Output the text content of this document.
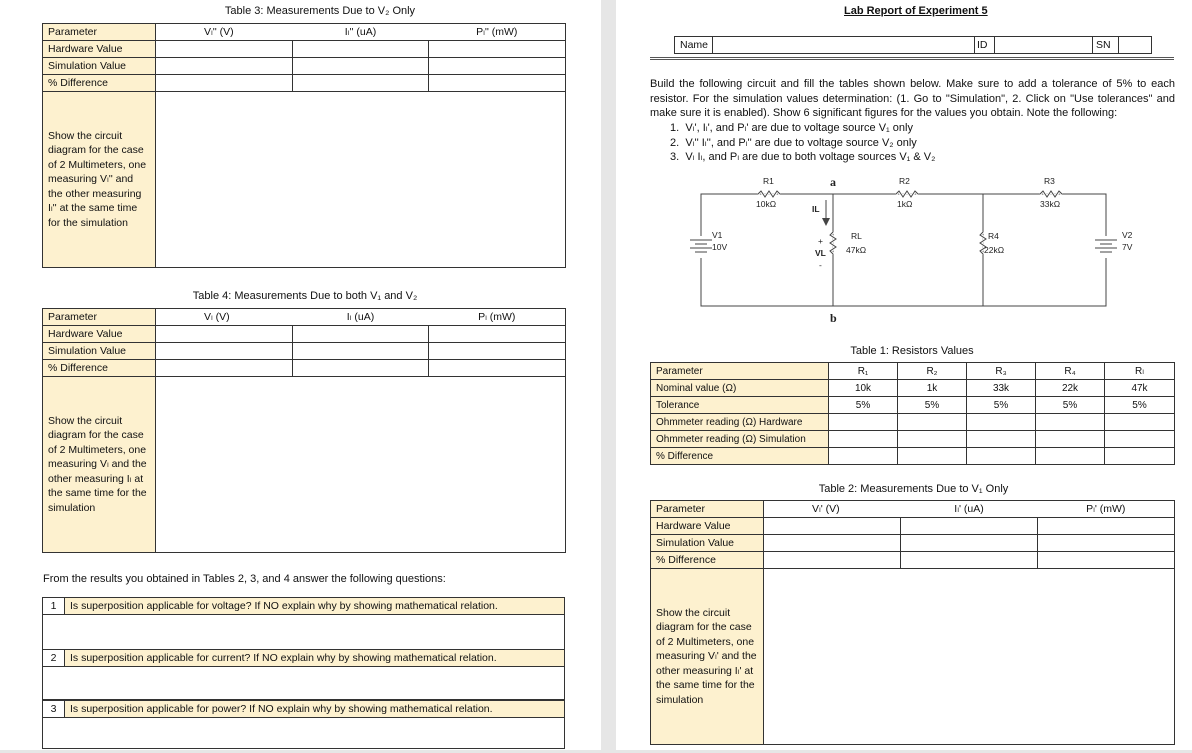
Table 3: Measurements Due to V₂ Only
Parameter	Vₗ'' (V)	Iₗ'' (uA)	Pₗ'' (mW)
Hardware Value			
Simulation Value			
% Difference			
Show the circuit diagram for the case of 2 Multimeters, one measuring Vₗ'' and the other measuring Iₗ'' at the same time for the simulation			
Table 4: Measurements Due to both V₁ and V₂
Parameter	Vₗ (V)	Iₗ (uA)	Pₗ (mW)
Hardware Value			
Simulation Value			
% Difference			
Show the circuit diagram for the case of 2 Multimeters, one measuring Vₗ and the other measuring Iₗ at the same time for the simulation			
From the results you obtained in Tables 2, 3, and 4 answer the following questions:
1	Is superposition applicable for voltage? If NO explain why by showing mathematical relation.

2	Is superposition applicable for current? If NO explain why by showing mathematical relation.

3	Is superposition applicable for power? If NO explain why by showing mathematical relation.

Lab Report of Experiment 5
Name		ID		SN	
Build the following circuit and fill the tables shown below. Make sure to add a tolerance of 5% to each resistor. For the simulation values determination: (1. Go to "Simulation", 2. Click on "Use tolerances" and make sure it is enabled). Show 6 significant figures for the values you obtain. Note the following:
1. Vₗ', Iₗ', and Pₗ' are due to voltage source V₁ only
2. Vₗ'' Iₗ'', and Pₗ'' are due to voltage source V₂ only
3. Vₗ Iₗ, and Pₗ are due to both voltage sources V₁ & V₂
R1
10kΩ
R2
1kΩ
R3
33kΩ
RL
47kΩ
R4
22kΩ
V1
10V
V2
7V
IL
+
VL
-
a
b
Table 1: Resistors Values
Parameter	R₁	R₂	R₃	R₄	Rₗ
Nominal value (Ω)	10k	1k	33k	22k	47k
Tolerance	5%	5%	5%	5%	5%
Ohmmeter reading (Ω) Hardware					
Ohmmeter reading (Ω) Simulation					
% Difference					
Table 2: Measurements Due to V₁ Only
Parameter	Vₗ' (V)	Iₗ' (uA)	Pₗ' (mW)
Hardware Value			
Simulation Value			
% Difference			
Show the circuit diagram for the case of 2 Multimeters, one measuring Vₗ' and the other measuring Iₗ' at the same time for the simulation			
